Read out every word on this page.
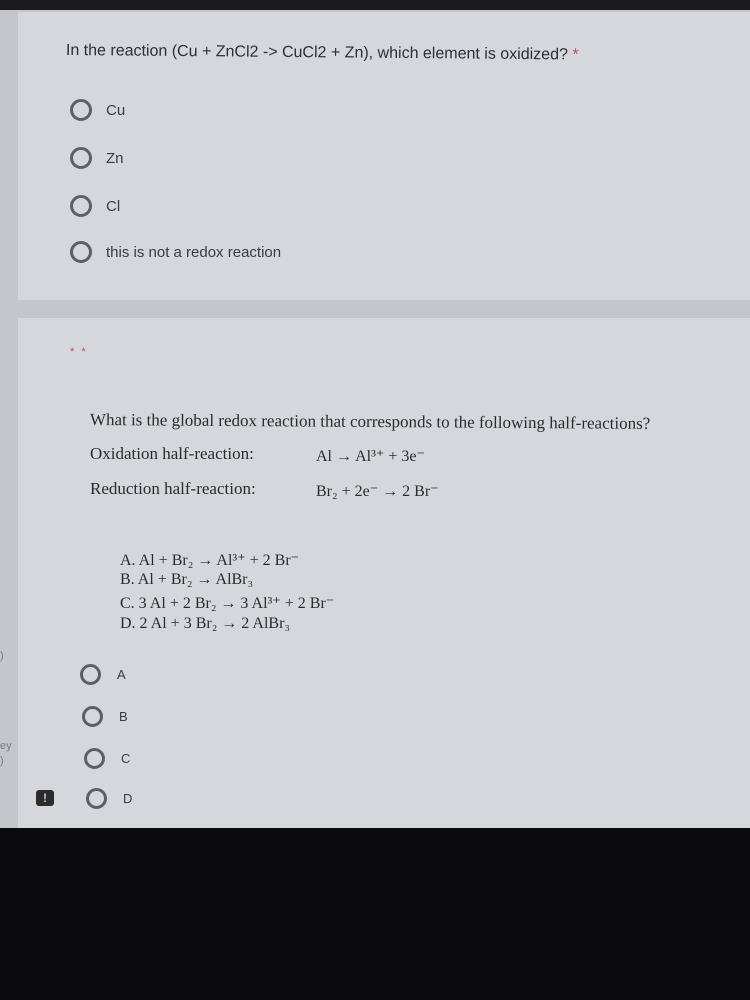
)
ey
)
In the reaction (Cu + ZnCl2 -> CuCl2 + Zn), which element is oxidized? *
Cu
Zn
Cl
this is not a redox reaction
* *
What is the global redox reaction that corresponds to the following half-reactions?
Oxidation half-reaction:	Al → Al³⁺ + 3e⁻
Reduction half-reaction:	Br₂ + 2e⁻ → 2 Br⁻
A. Al + Br₂ → Al³⁺ + 2 Br⁻
B. Al + Br₂ → AlBr₃
C. 3 Al + 2 Br₂ → 3 Al³⁺ + 2 Br⁻
D. 2 Al + 3 Br₂ → 2 AlBr₃
A
B
C
D
!
